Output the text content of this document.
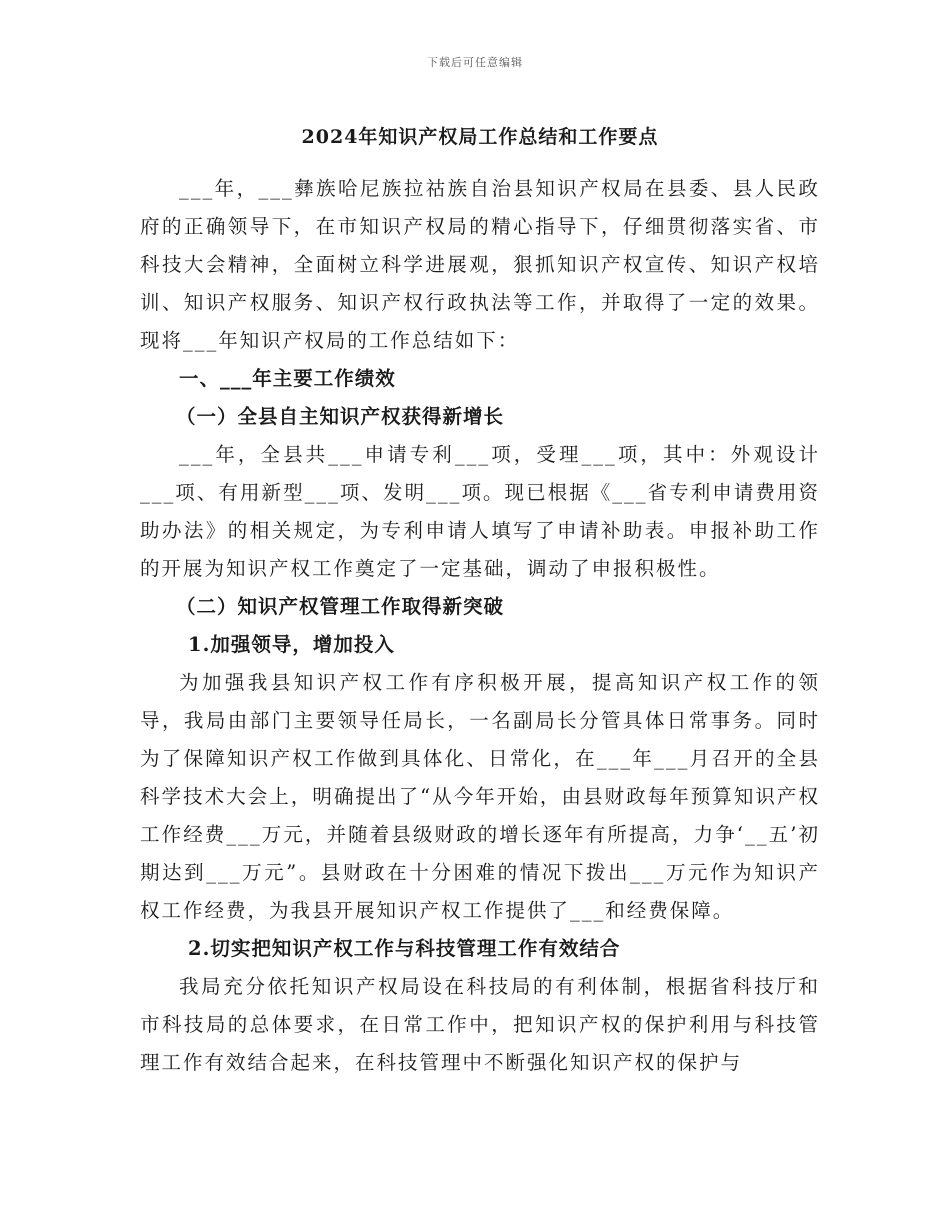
下载后可任意编辑
2024年知识产权局工作总结和工作要点

___年，___彝族哈尼族拉祜族自治县知识产权局在县委、县人民政府的正确领导下，在市知识产权局的精心指导下，仔细贯彻落实省、市科技大会精神，全面树立科学进展观，狠抓知识产权宣传、知识产权培训、知识产权服务、知识产权行政执法等工作，并取得了一定的效果。现将___年知识产权局的工作总结如下：

一、___年主要工作绩效

（一）全县自主知识产权获得新增长

___年，全县共___申请专利___项，受理___项，其中：外观设计___项、有用新型___项、发明___项。现已根据《___省专利申请费用资助办法》的相关规定，为专利申请人填写了申请补助表。申报补助工作的开展为知识产权工作奠定了一定基础，调动了申报积极性。

（二）知识产权管理工作取得新突破

1.加强领导，增加投入

为加强我县知识产权工作有序积极开展，提高知识产权工作的领导，我局由部门主要领导任局长，一名副局长分管具体日常事务。同时为了保障知识产权工作做到具体化、日常化，在___年___月召开的全县科学技术大会上，明确提出了“从今年开始，由县财政每年预算知识产权工作经费___万元，并随着县级财政的增长逐年有所提高，力争‘__五’初期达到___万元”。县财政在十分困难的情况下拨出___万元作为知识产权工作经费，为我县开展知识产权工作提供了___和经费保障。

2.切实把知识产权工作与科技管理工作有效结合

我局充分依托知识产权局设在科技局的有利体制，根据省科技厅和市科技局的总体要求，在日常工作中，把知识产权的保护利用与科技管理工作有效结合起来，在科技管理中不断强化知识产权的保护与
